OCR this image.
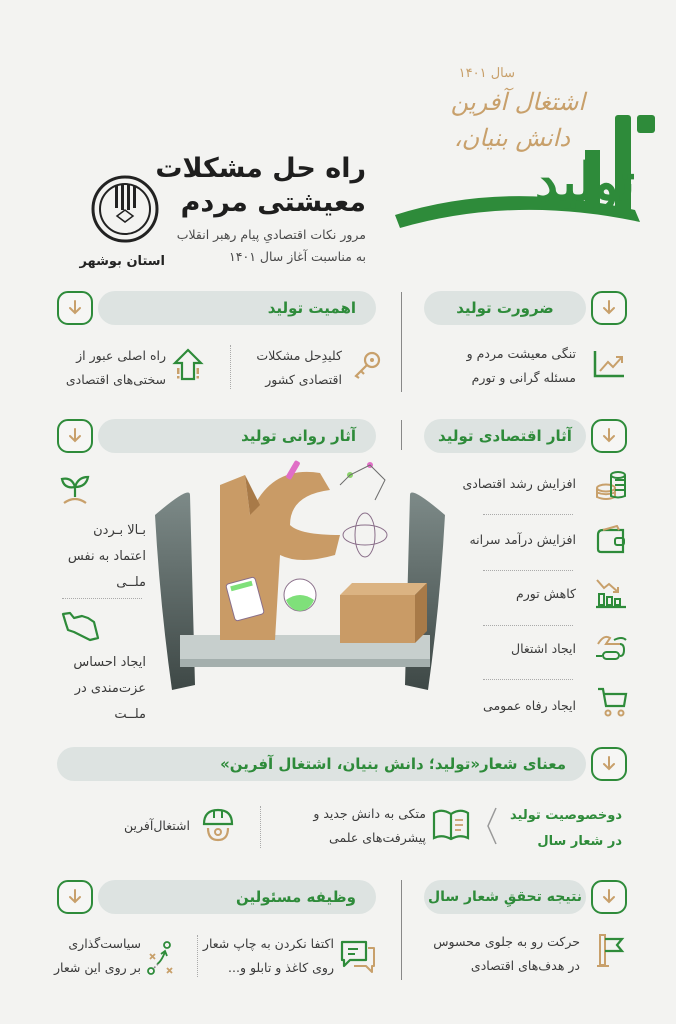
سال ۱۴۰۱
اشتغال آفرین
دانش بنیان،
تولید
راه حل مشکلات
معیشتی مردم
مرور نکات اقتصادیِ پیام رهبر انقلاب
به مناسبت آغاز سال ۱۴۰۱
استان بوشهر
ضرورت تولید
تنگی معیشت مردم و
مسئله گرانی و تورم
اهمیت تولید
کلیدِحل مشکلات
اقتصادی کشور
راه اصلی عبور از
سختی‌های اقتصادی
آثار اقتصادی تولید
افزایش رشد اقتصادی
افزایش درآمد سرانه
کاهش تورم
ایجاد اشتغال
ایجاد رفاه عمومی
آثار روانی تولید
بـالا بـردن
اعتماد به نفس
ملــی
ایجاد احساس
عزت‌مندی در
ملــت
معنای شعار«تولید؛ دانش بنیان، اشتغال آفرین»
دوخصوصیت تولید
در شعار سال
متکی به دانش جدید و
پیشرفت‌های علمی
اشتغال‌آفرین
نتیجه تحققِ شعار سال
حرکت رو به جلوی محسوس
در هدف‌های اقتصادی
وظیفه مسئولین
اکتفا نکردن به چاپ شعار
روی کاغذ و تابلو و...
سیاست‌گذاری
بر روی این شعار
